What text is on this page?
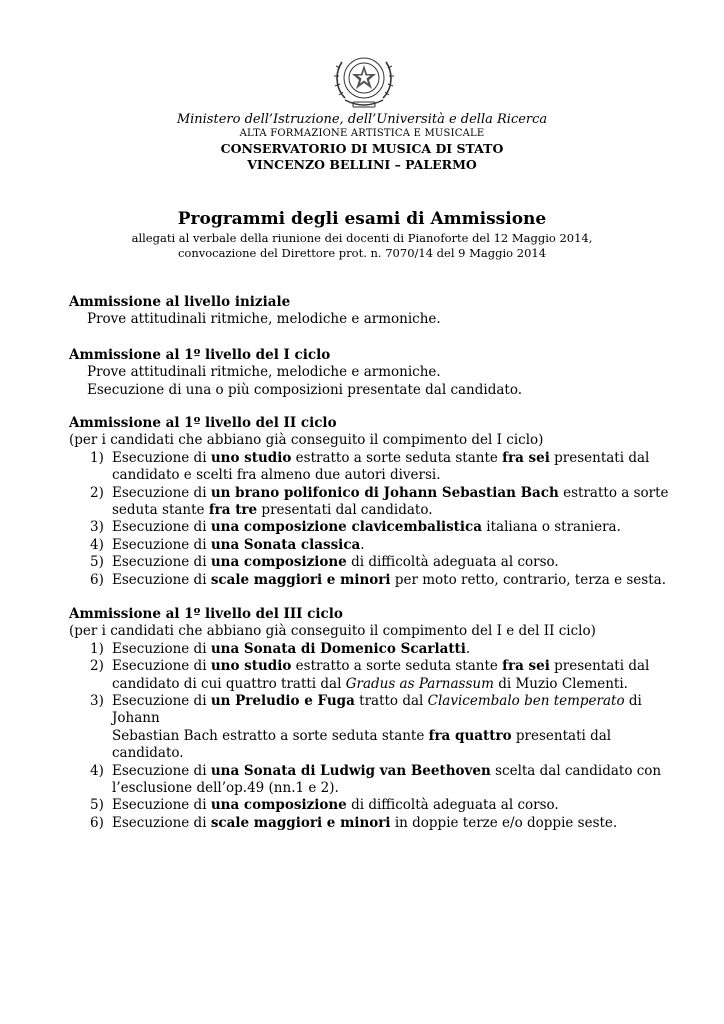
Ministero dell’Istruzione, dell’Università e della Ricerca
ALTA FORMAZIONE ARTISTICA E MUSICALE
CONSERVATORIO DI MUSICA DI STATO
VINCENZO BELLINI – PALERMO
Programmi degli esami di Ammissione
allegati al verbale della riunione dei docenti di Pianoforte del 12 Maggio 2014,
convocazione del Direttore prot. n. 7070/14 del 9 Maggio 2014
Ammissione al livello iniziale

Prove attitudinali ritmiche, melodiche e armoniche.

Ammissione al 1º livello del I ciclo

Prove attitudinali ritmiche, melodiche e armoniche.

Esecuzione di una o più composizioni presentate dal candidato.

Ammissione al 1º livello del II ciclo

(per i candidati che abbiano già conseguito il compimento del I ciclo)

1) Esecuzione di uno studio estratto a sorte seduta stante fra sei presentati dal
candidato e scelti fra almeno due autori diversi.
2) Esecuzione di un brano polifonico di Johann Sebastian Bach estratto a sorte
seduta stante fra tre presentati dal candidato.
3) Esecuzione di una composizione clavicembalistica italiana o straniera.
4) Esecuzione di una Sonata classica.
5) Esecuzione di una composizione di difficoltà adeguata al corso.
6) Esecuzione di scale maggiori e minori per moto retto, contrario, terza e sesta.
Ammissione al 1º livello del III ciclo

(per i candidati che abbiano già conseguito il compimento del I e del II ciclo)

1) Esecuzione di una Sonata di Domenico Scarlatti.
2) Esecuzione di uno studio estratto a sorte seduta stante fra sei presentati dal
candidato di cui quattro tratti dal Gradus as Parnassum di Muzio Clementi.
3) Esecuzione di un Preludio e Fuga tratto dal Clavicembalo ben temperato di Johann
Sebastian Bach estratto a sorte seduta stante fra quattro presentati dal candidato.
4) Esecuzione di una Sonata di Ludwig van Beethoven scelta dal candidato con
l’esclusione dell’op.49 (nn.1 e 2).
5) Esecuzione di una composizione di difficoltà adeguata al corso.
6) Esecuzione di scale maggiori e minori in doppie terze e/o doppie seste.
